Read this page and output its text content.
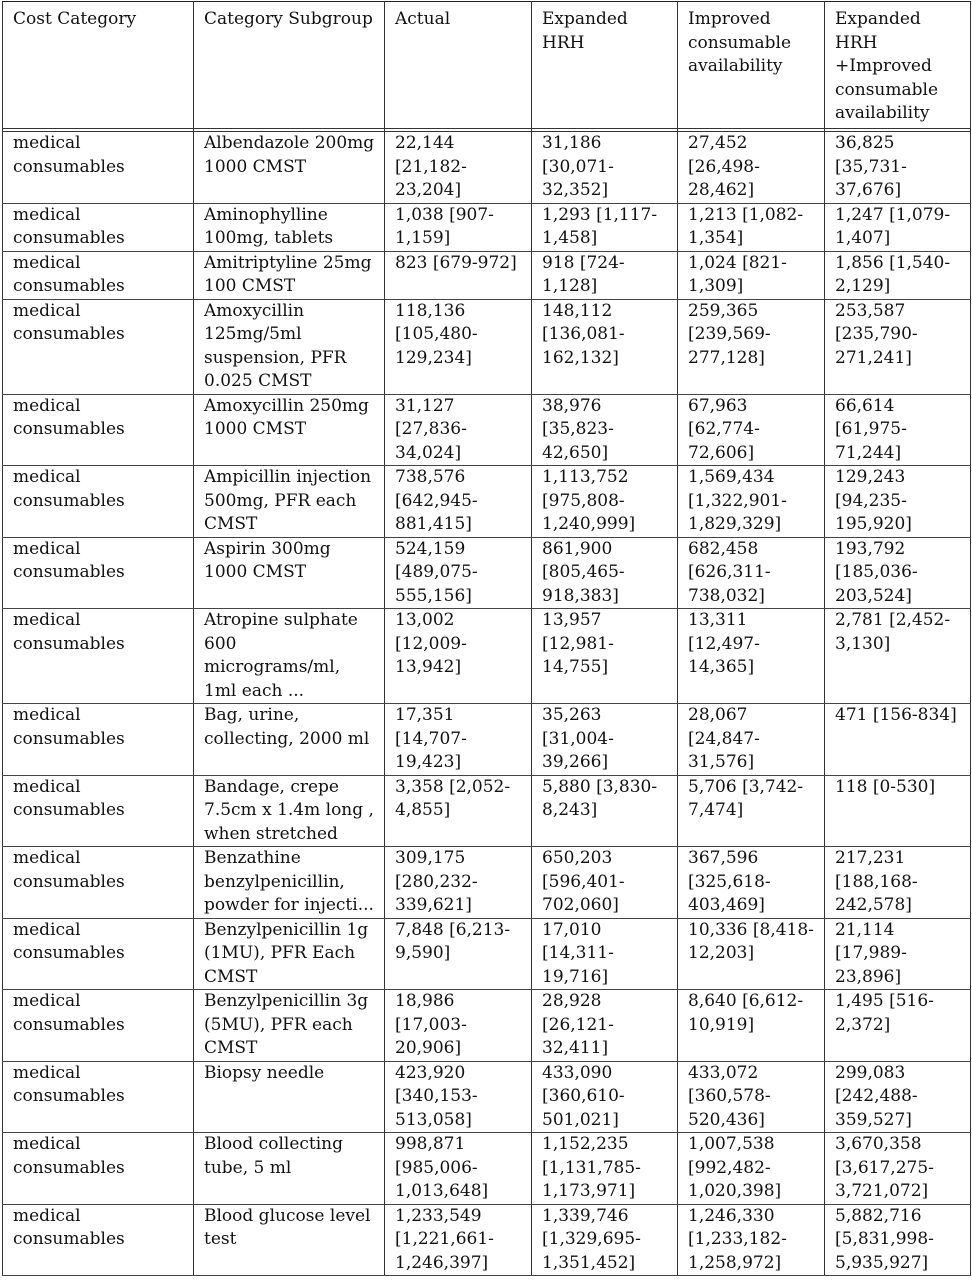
Cost Category	Category Subgroup	Actual	Expanded HRH	Improved consumable availability	Expanded HRH +Improved consumable availability

medical consumables	Albendazole 200mg 1000 CMST	22,144 [21,182-23,204]	31,186 [30,071-32,352]	27,452 [26,498-28,462]	36,825 [35,731-37,676]
medical consumables	Aminophylline 100mg, tablets	1,038 [907-1,159]	1,293 [1,117-1,458]	1,213 [1,082-1,354]	1,247 [1,079-1,407]
medical consumables	Amitriptyline 25mg 100 CMST	823 [679-972]	918 [724-1,128]	1,024 [821-1,309]	1,856 [1,540-2,129]
medical consumables	Amoxycillin 125mg/5ml suspension, PFR 0.025 CMST	118,136 [105,480-129,234]	148,112 [136,081-162,132]	259,365 [239,569-277,128]	253,587 [235,790-271,241]
medical consumables	Amoxycillin 250mg 1000 CMST	31,127 [27,836-34,024]	38,976 [35,823-42,650]	67,963 [62,774-72,606]	66,614 [61,975-71,244]
medical consumables	Ampicillin injection 500mg, PFR each CMST	738,576 [642,945-881,415]	1,113,752 [975,808-1,240,999]	1,569,434 [1,322,901-1,829,329]	129,243 [94,235-195,920]
medical consumables	Aspirin 300mg 1000 CMST	524,159 [489,075-555,156]	861,900 [805,465-918,383]	682,458 [626,311-738,032]	193,792 [185,036-203,524]
medical consumables	Atropine sulphate 600 micrograms/ml, 1ml each ...	13,002 [12,009-13,942]	13,957 [12,981-14,755]	13,311 [12,497-14,365]	2,781 [2,452-3,130]
medical consumables	Bag, urine, collecting, 2000 ml	17,351 [14,707-19,423]	35,263 [31,004-39,266]	28,067 [24,847-31,576]	471 [156-834]
medical consumables	Bandage, crepe 7.5cm x 1.4m long , when stretched	3,358 [2,052-4,855]	5,880 [3,830-8,243]	5,706 [3,742-7,474]	118 [0-530]
medical consumables	Benzathine benzylpenicillin, powder for injecti...	309,175 [280,232-339,621]	650,203 [596,401-702,060]	367,596 [325,618-403,469]	217,231 [188,168-242,578]
medical consumables	Benzylpenicillin 1g (1MU), PFR Each CMST	7,848 [6,213-9,590]	17,010 [14,311-19,716]	10,336 [8,418-12,203]	21,114 [17,989-23,896]
medical consumables	Benzylpenicillin 3g (5MU), PFR each CMST	18,986 [17,003-20,906]	28,928 [26,121-32,411]	8,640 [6,612-10,919]	1,495 [516-2,372]
medical consumables	Biopsy needle	423,920 [340,153-513,058]	433,090 [360,610-501,021]	433,072 [360,578-520,436]	299,083 [242,488-359,527]
medical consumables	Blood collecting tube, 5 ml	998,871 [985,006-1,013,648]	1,152,235 [1,131,785-1,173,971]	1,007,538 [992,482-1,020,398]	3,670,358 [3,617,275-3,721,072]
medical consumables	Blood glucose level test	1,233,549 [1,221,661-1,246,397]	1,339,746 [1,329,695-1,351,452]	1,246,330 [1,233,182-1,258,972]	5,882,716 [5,831,998-5,935,927]
